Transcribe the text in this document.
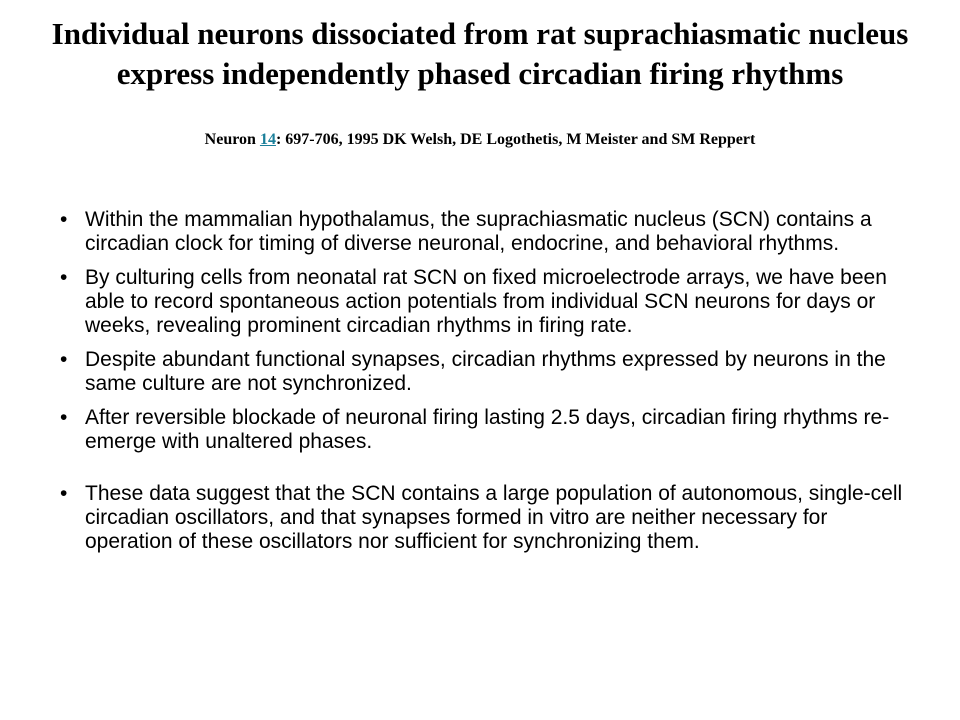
Individual neurons dissociated from rat suprachiasmatic nucleus
express independently phased circadian firing rhythms

Neuron 14: 697-706, 1995 DK Welsh, DE Logothetis, M Meister and SM Reppert

• Within the mammalian hypothalamus, the suprachiasmatic nucleus (SCN) contains a circadian clock for timing of diverse neuronal, endocrine, and behavioral rhythms.
• By culturing cells from neonatal rat SCN on fixed microelectrode arrays, we have been able to record spontaneous action potentials from individual SCN neurons for days or weeks, revealing prominent circadian rhythms in firing rate.
• Despite abundant functional synapses, circadian rhythms expressed by neurons in the same culture are not synchronized.
• After reversible blockade of neuronal firing lasting 2.5 days, circadian firing rhythms re-emerge with unaltered phases.
• These data suggest that the SCN contains a large population of autonomous, single-cell circadian oscillators, and that synapses formed in vitro are neither necessary for operation of these oscillators nor sufficient for synchronizing them.
